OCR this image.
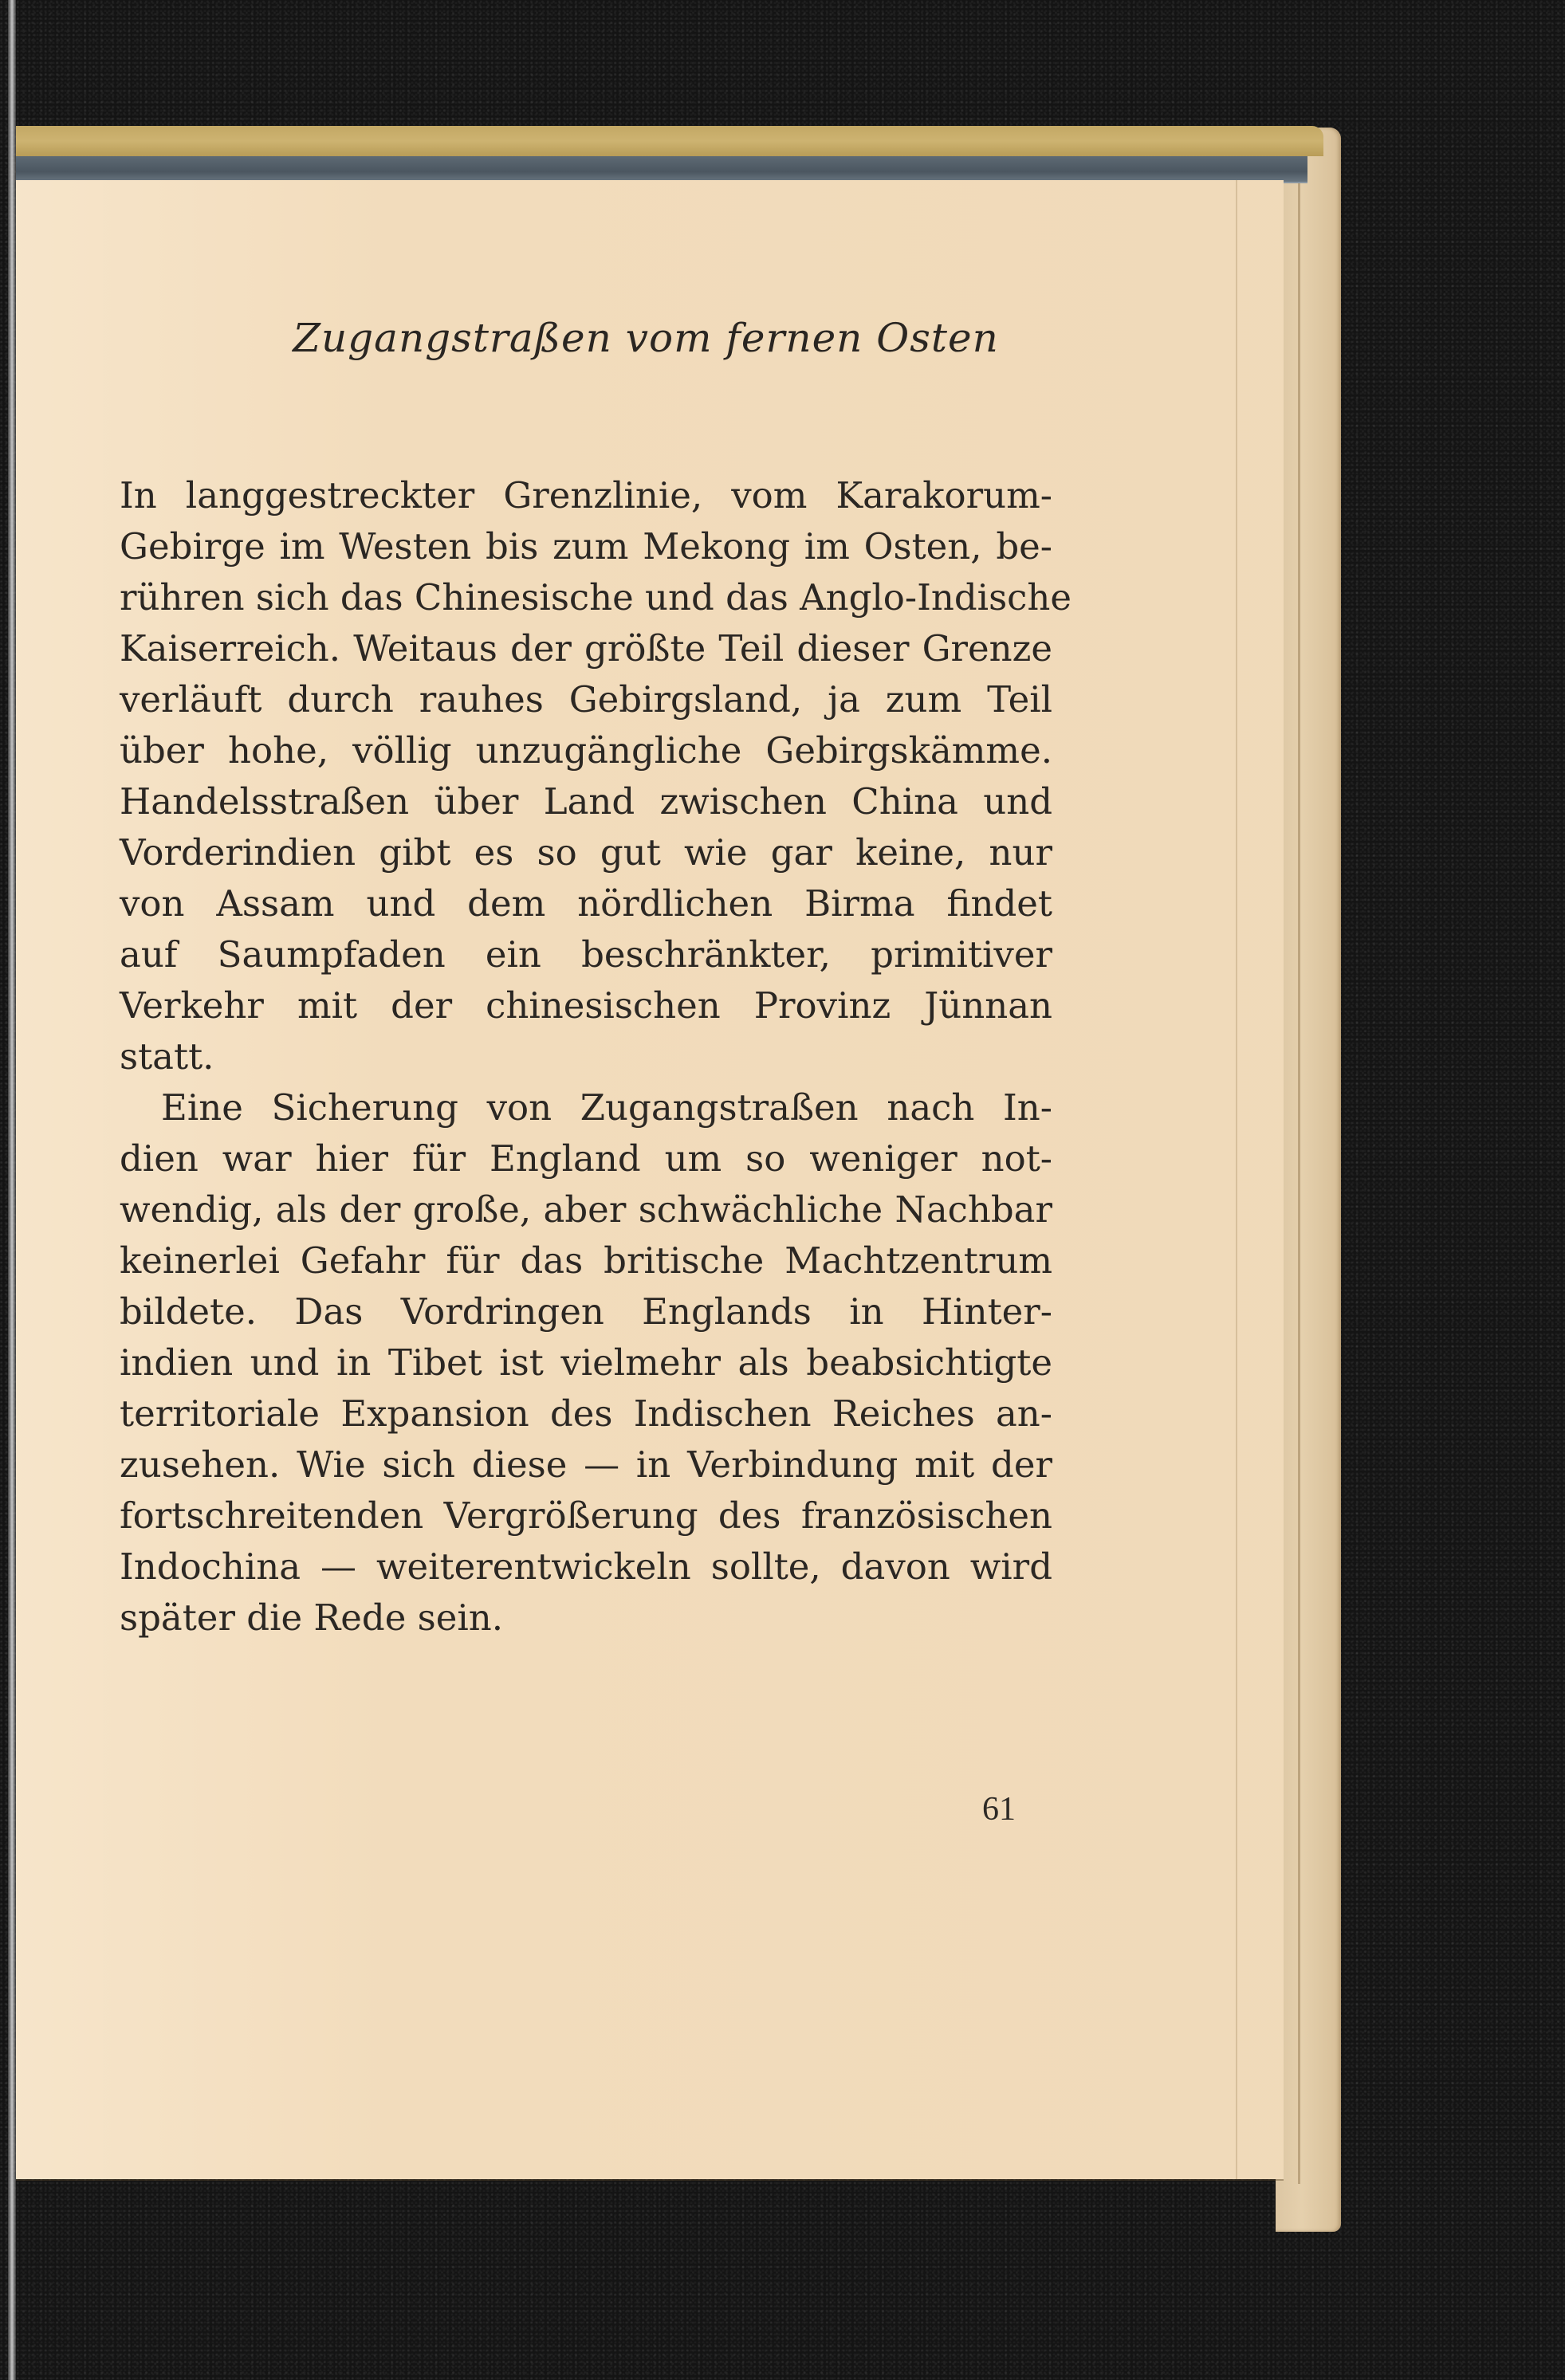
Zugangstraßen vom fernen Osten
In langgestreckter Grenzlinie, vom Karakorum-
Gebirge im Westen bis zum Mekong im Osten, be-
rühren sich das Chinesische und das Anglo-Indische
Kaiserreich. Weitaus der größte Teil dieser Grenze
verläuft durch rauhes Gebirgsland, ja zum Teil
über hohe, völlig unzugängliche Gebirgskämme.
Handelsstraßen über Land zwischen China und
Vorderindien gibt es so gut wie gar keine, nur
von Assam und dem nördlichen Birma findet
auf Saumpfaden ein beschränkter, primitiver
Verkehr mit der chinesischen Provinz Jünnan
statt.
Eine Sicherung von Zugangstraßen nach In-
dien war hier für England um so weniger not-
wendig, als der große, aber schwächliche Nachbar
keinerlei Gefahr für das britische Machtzentrum
bildete. Das Vordringen Englands in Hinter-
indien und in Tibet ist vielmehr als beabsichtigte
territoriale Expansion des Indischen Reiches an-
zusehen. Wie sich diese — in Verbindung mit der
fortschreitenden Vergrößerung des französischen
Indochina — weiterentwickeln sollte, davon wird
später die Rede sein.
61
